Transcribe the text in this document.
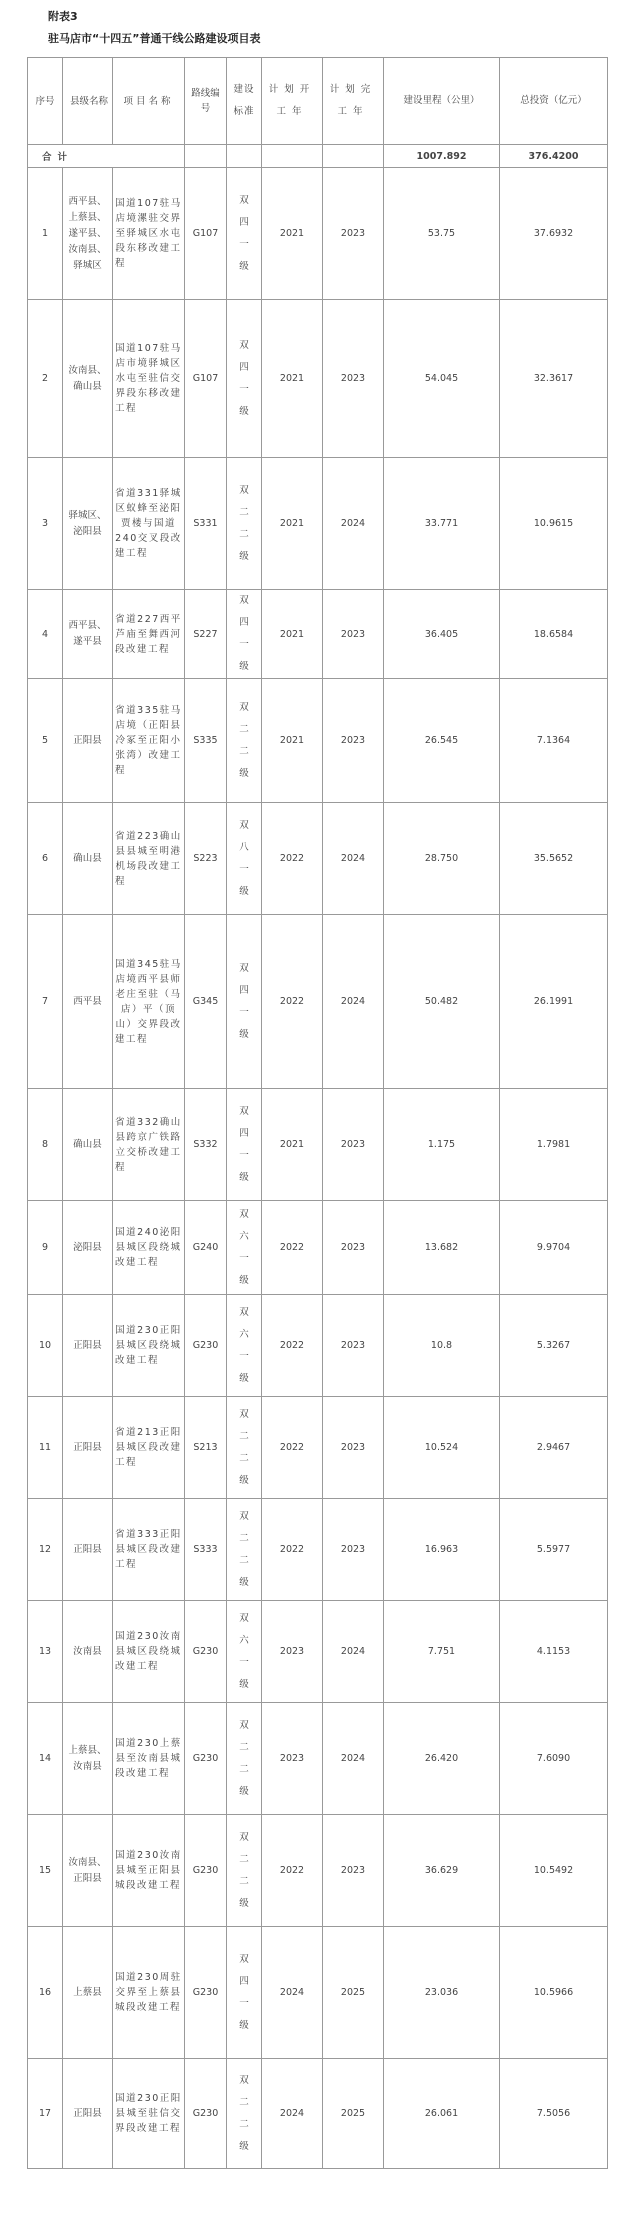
附表3
驻马店市“十四五”普通干线公路建设项目表
序号	县级名称	项目名称	路线编号	建设标准	计划开工年	计划完工年	建设里程（公里）	总投资（亿元）
合计							1007.892	376.4200
1	西平县、上蔡县、遂平县、汝南县、驿城区	国道107驻马店境漯驻交界至驿城区水屯段东移改建工程	G107	双四一级	2021	2023	53.75	37.6932
2	汝南县、确山县	国道107驻马店市境驿城区水屯至驻信交界段东移改建工程	G107	双四一级	2021	2023	54.045	32.3617
3	驿城区、泌阳县	省道331驿城区蚁蜂至泌阳贾楼与国道240交叉段改建工程	S331	双二二级	2021	2024	33.771	10.9615
4	西平县、遂平县	省道227西平芦庙至舞西河段改建工程	S227	双四一级	2021	2023	36.405	18.6584
5	正阳县	省道335驻马店境（正阳县冷冢至正阳小张湾）改建工程	S335	双二二级	2021	2023	26.545	7.1364
6	确山县	省道223确山县县城至明港机场段改建工程	S223	双八一级	2022	2024	28.750	35.5652
7	西平县	国道345驻马店境西平县师老庄至驻（马店）平（顶山）交界段改建工程	G345	双四一级	2022	2024	50.482	26.1991
8	确山县	省道332确山县跨京广铁路立交桥改建工程	S332	双四一级	2021	2023	1.175	1.7981
9	泌阳县	国道240泌阳县城区段绕城改建工程	G240	双六一级	2022	2023	13.682	9.9704
10	正阳县	国道230正阳县城区段绕城改建工程	G230	双六一级	2022	2023	10.8	5.3267
11	正阳县	省道213正阳县城区段改建工程	S213	双二二级	2022	2023	10.524	2.9467
12	正阳县	省道333正阳县城区段改建工程	S333	双二二级	2022	2023	16.963	5.5977
13	汝南县	国道230汝南县城区段绕城改建工程	G230	双六一级	2023	2024	7.751	4.1153
14	上蔡县、汝南县	国道230上蔡县至汝南县城段改建工程	G230	双二二级	2023	2024	26.420	7.6090
15	汝南县、正阳县	国道230汝南县城至正阳县城段改建工程	G230	双二二级	2022	2023	36.629	10.5492
16	上蔡县	国道230周驻交界至上蔡县城段改建工程	G230	双四一级	2024	2025	23.036	10.5966
17	正阳县	国道230正阳县城至驻信交界段改建工程	G230	双二二级	2024	2025	26.061	7.5056
